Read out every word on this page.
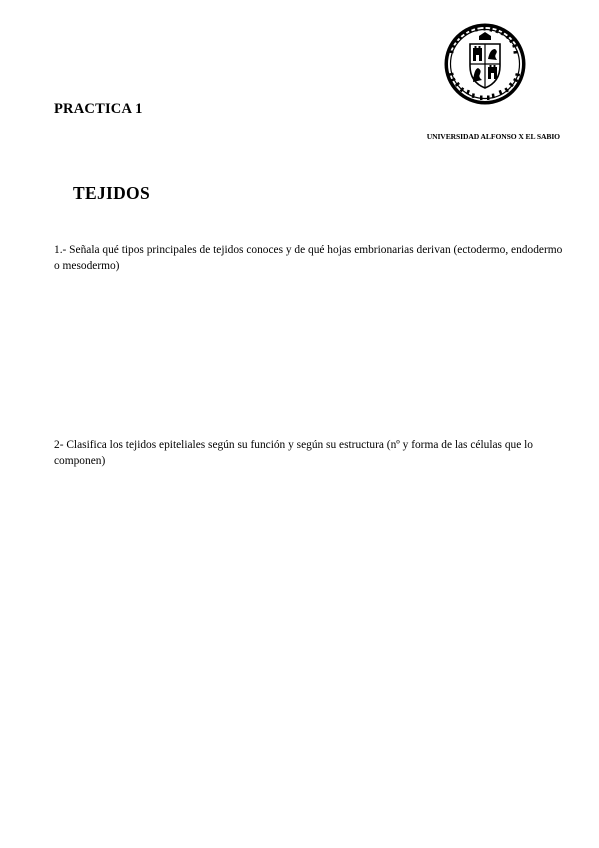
PRACTICA 1
UNIVERSIDAD ALFONSO X EL SABIO
TEJIDOS
1.- Señala qué tipos principales de tejidos conoces y de qué hojas embrionarias derivan (ectodermo, endodermo o mesodermo)
2- Clasifica los tejidos epiteliales según su función y según su estructura (nº y forma de las células que lo componen)
